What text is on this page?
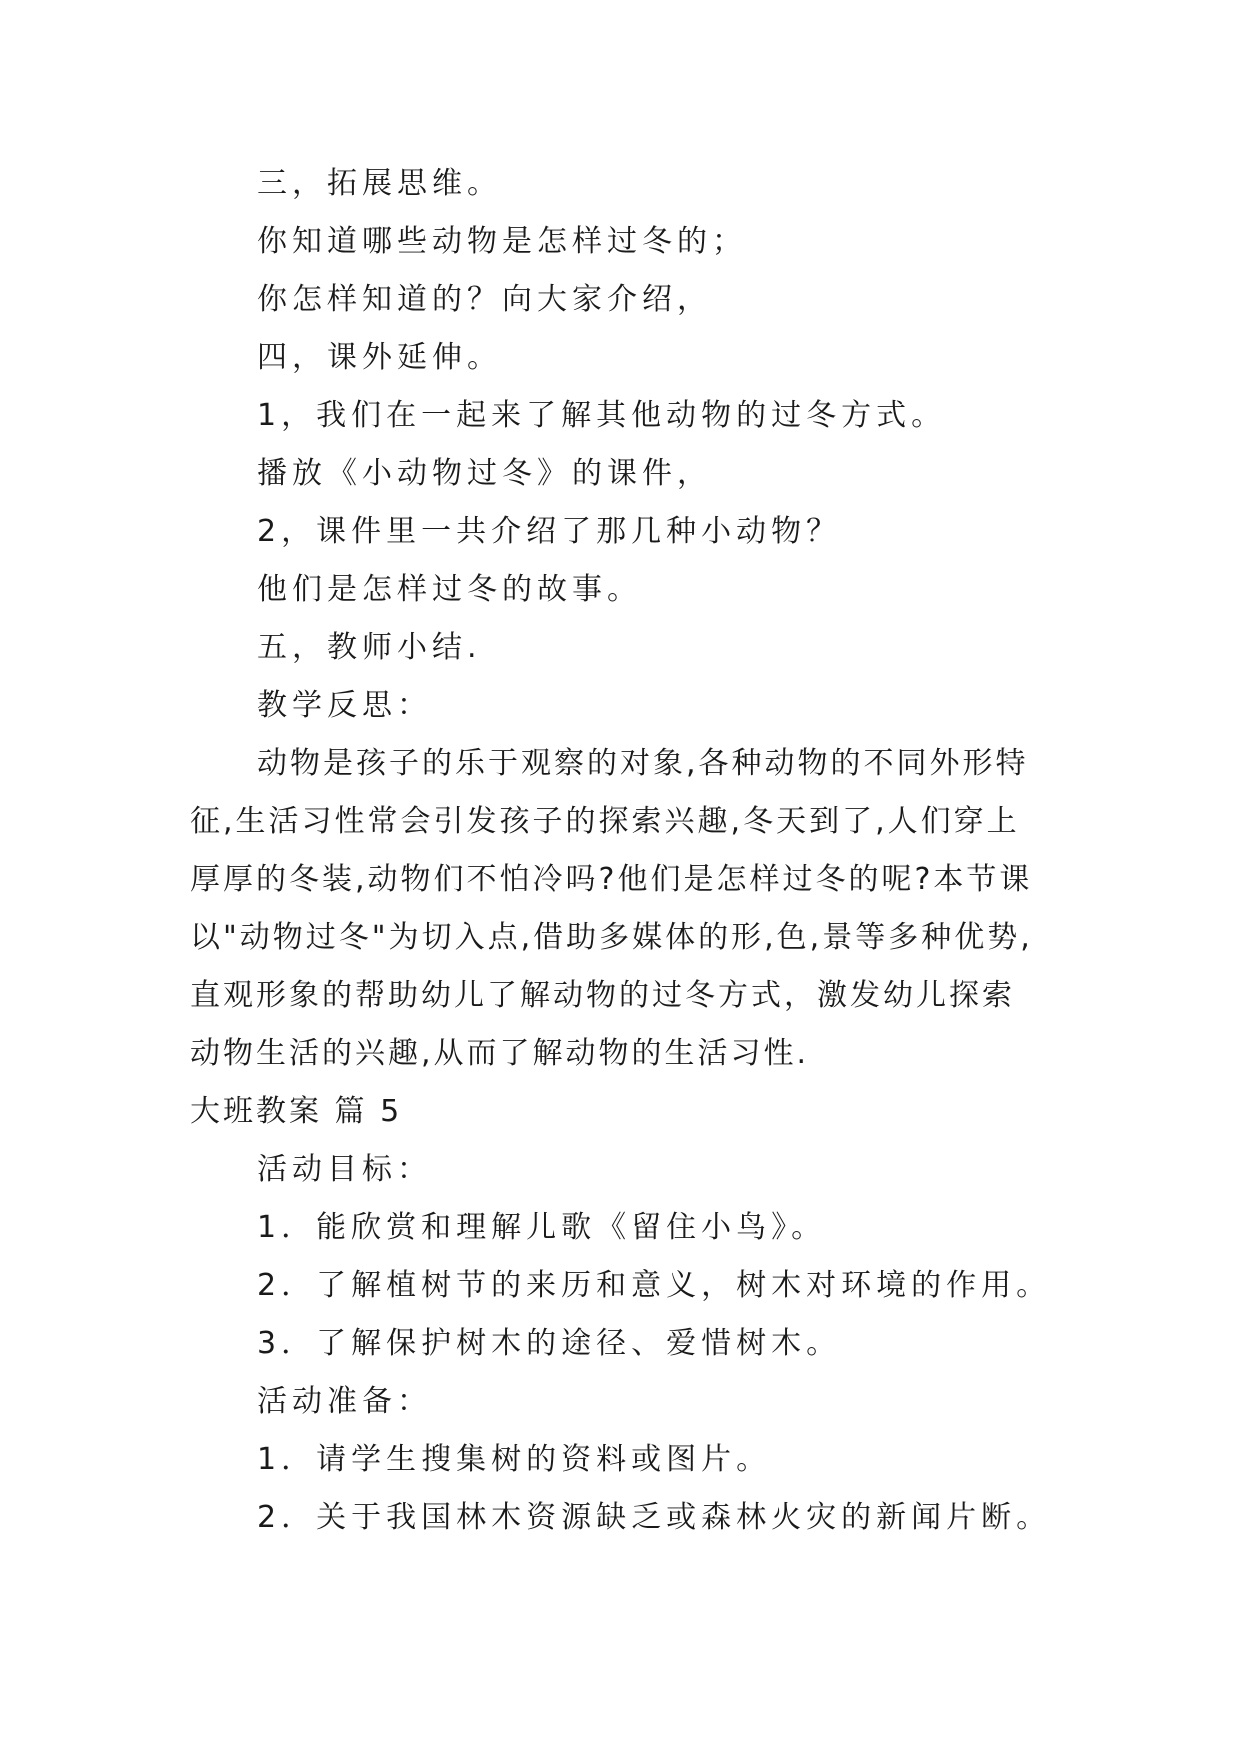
三，拓展思维。
你知道哪些动物是怎样过冬的；
你怎样知道的？向大家介绍，
四，课外延伸。
1，我们在一起来了解其他动物的过冬方式。
播放《小动物过冬》的课件，
2，课件里一共介绍了那几种小动物？
他们是怎样过冬的故事。
五，教师小结.
教学反思：
动物是孩子的乐于观察的对象,各种动物的不同外形特
征,生活习性常会引发孩子的探索兴趣,冬天到了,人们穿上
厚厚的冬装,动物们不怕冷吗?他们是怎样过冬的呢?本节课
以"动物过冬"为切入点,借助多媒体的形,色,景等多种优势,
直观形象的帮助幼儿了解动物的过冬方式，激发幼儿探索
动物生活的兴趣,从而了解动物的生活习性.
大班教案 篇 5
活动目标：
1．能欣赏和理解儿歌《留住小鸟》。
2．了解植树节的来历和意义，树木对环境的作用。
3．了解保护树木的途径、爱惜树木。
活动准备：
1．请学生搜集树的资料或图片。
2．关于我国林木资源缺乏或森林火灾的新闻片断。
